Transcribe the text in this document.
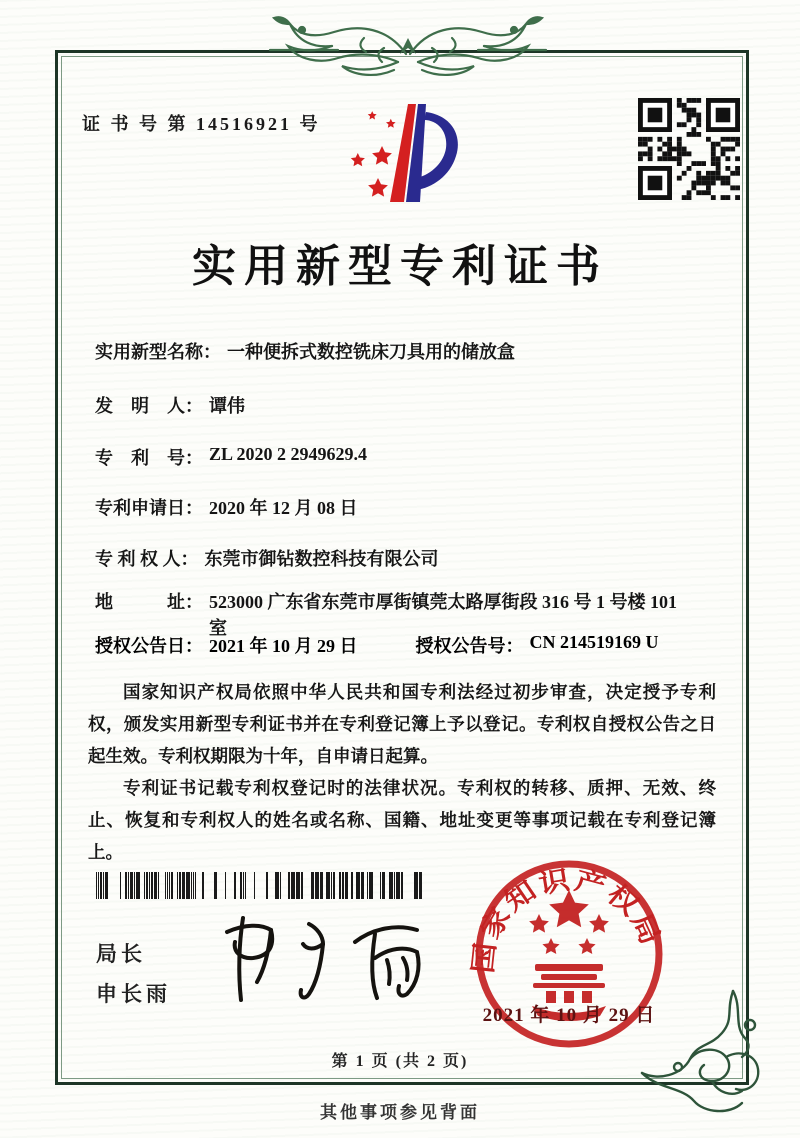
证 书 号 第 14516921 号
实用新型专利证书
实用新型名称： 一种便拆式数控铣床刀具用的储放盒
发　明　人： 谭伟
专　利　号： ZL 2020 2 2949629.4
专利申请日： 2020 年 12 月 08 日
专 利 权 人： 东莞市御钻数控科技有限公司
地　　　址： 523000 广东省东莞市厚街镇莞太路厚街段 316 号 1 号楼 101 室
授权公告日： 2021 年 10 月 29 日	授权公告号： CN 214519169 U

国家知识产权局依照中华人民共和国专利法经过初步审查，决定授予专利权，颁发实用新型专利证书并在专利登记簿上予以登记。专利权自授权公告之日起生效。专利权期限为十年，自申请日起算。

专利证书记载专利权登记时的法律状况。专利权的转移、质押、无效、终止、恢复和专利权人的姓名或名称、国籍、地址变更等事项记载在专利登记簿上。

局长
申长雨
国家知识产权局
2021 年 10 月 29 日
第 1 页 (共 2 页)
其他事项参见背面
